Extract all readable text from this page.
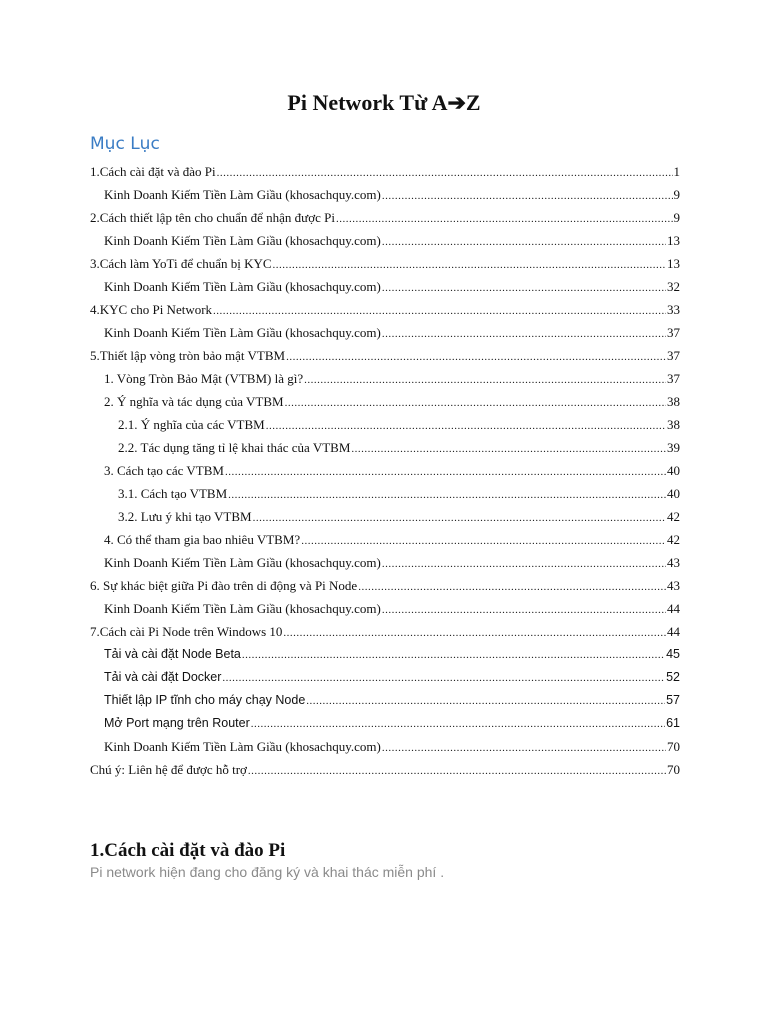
Pi Network Từ A➔Z
Mục Lục
1.Cách cài đặt và đào Pi .....	1
Kinh Doanh Kiếm Tiền Làm Giầu (khosachquy.com) .....	9
2.Cách thiết lập tên cho chuẩn để nhận được Pi .....	9
Kinh Doanh Kiếm Tiền Làm Giầu (khosachquy.com) .....	13
3.Cách làm YoTi để chuẩn bị KYC .....	13
Kinh Doanh Kiếm Tiền Làm Giầu (khosachquy.com) .....	32
4.KYC cho Pi Network .....	33
Kinh Doanh Kiếm Tiền Làm Giầu (khosachquy.com) .....	37
5.Thiết lập vòng tròn bảo mật VTBM .....	37
1. Vòng Tròn Bảo Mật (VTBM) là gì? .....	37
2. Ý nghĩa và tác dụng của VTBM .....	38
2.1. Ý nghĩa của các VTBM .....	38
2.2. Tác dụng tăng tỉ lệ khai thác của VTBM .....	39
3. Cách tạo các VTBM .....	40
3.1. Cách tạo VTBM .....	40
3.2. Lưu ý khi tạo VTBM .....	42
4. Có thể tham gia bao nhiêu VTBM? .....	42
Kinh Doanh Kiếm Tiền Làm Giầu (khosachquy.com) .....	43
6. Sự khác biệt giữa Pi đào trên di động và Pi Node .....	43
Kinh Doanh Kiếm Tiền Làm Giầu (khosachquy.com) .....	44
7.Cách cài Pi Node trên Windows 10 .....	44
Tải và cài đặt Node Beta .....	45
Tải và cài đặt Docker .....	52
Thiết lập IP tĩnh cho máy chạy Node .....	57
Mở Port mạng trên Router .....	61
Kinh Doanh Kiếm Tiền Làm Giầu (khosachquy.com) .....	70
Chú ý: Liên hệ để được hỗ trợ .....	70
1.Cách cài đặt và đào Pi
Pi network hiện đang cho đăng ký và khai thác miễn phí .
